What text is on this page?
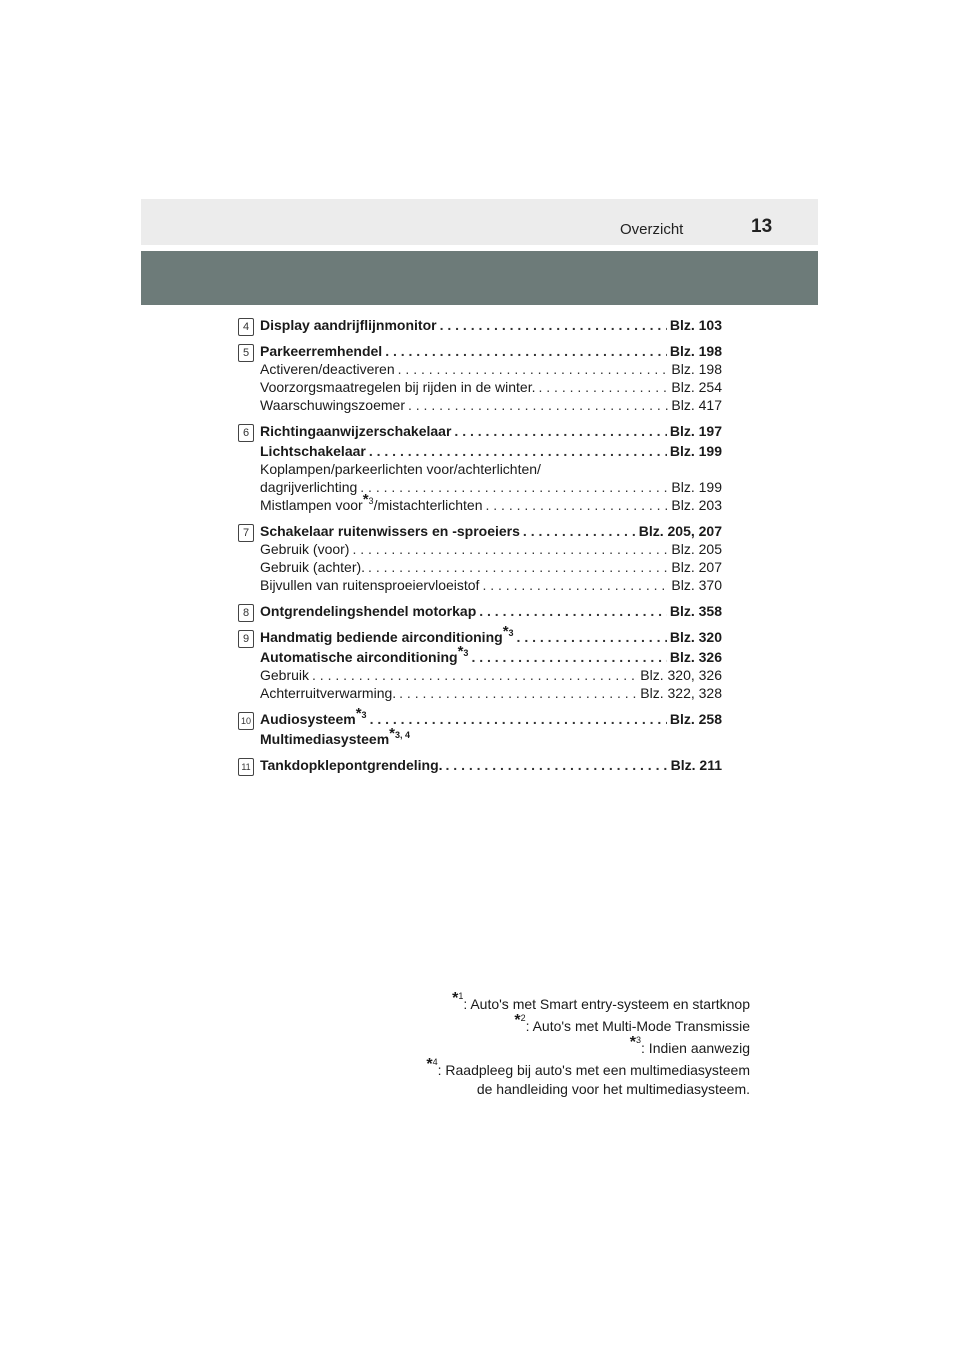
Overzicht	13
4 Display aandrijflijnmonitor . . .	Blz. 103
5 Parkeerremhendel . . .	Blz. 198
Activeren/deactiveren . . .	Blz. 198
Voorzorgsmaatregelen bij rijden in de winter. . . .	Blz. 254
Waarschuwingszoemer . . .	Blz. 417
6 Richtingaanwijzerschakelaar . . .	Blz. 197
Lichtschakelaar . . .	Blz. 199
Koplampen/parkeerlichten voor/achterlichten/
dagrijverlichting . . .	Blz. 199
Mistlampen voor$^{*3}$/mistachterlichten . . .	Blz. 203
7 Schakelaar ruitenwissers en -sproeiers . . .	Blz. 205, 207
Gebruik (voor) . . .	Blz. 205
Gebruik (achter). . . .	Blz. 207
Bijvullen van ruitensproeiervloeistof . . .	Blz. 370
8 Ontgrendelingshendel motorkap . . .	Blz. 358
9 Handmatig bediende airconditioning$^{*3}$ . . .	Blz. 320
Automatische airconditioning$^{*3}$ . . .	Blz. 326
Gebruik . . .	Blz. 320, 326
Achterruitverwarming. . . .	Blz. 322, 328
10 Audiosysteem$^{*3}$ . . .	Blz. 258
Multimediasysteem$^{*3, 4}$
11 Tankdopklepontgrendeling. . . .	Blz. 211
$^{*1}$: Auto's met Smart entry-systeem en startknop
$^{*2}$: Auto's met Multi-Mode Transmissie
$^{*3}$: Indien aanwezig
$^{*4}$: Raadpleeg bij auto's met een multimediasysteem
de handleiding voor het multimediasysteem.
